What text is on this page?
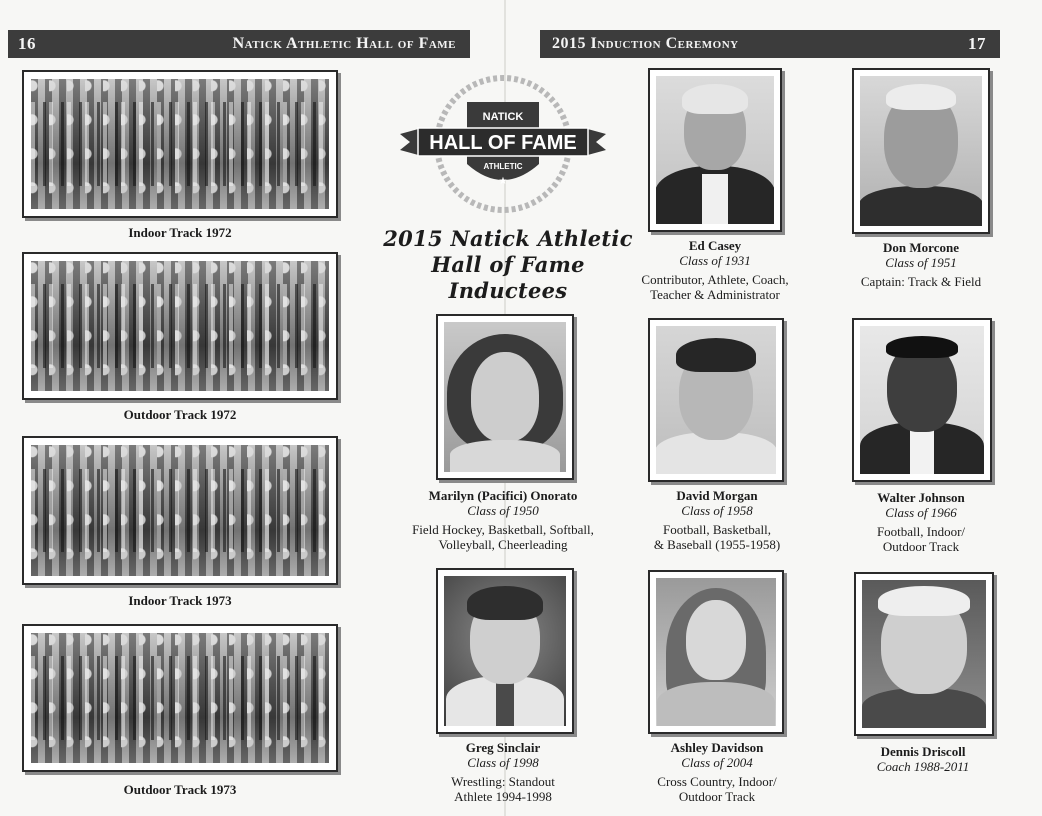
16	Natick Athletic Hall of Fame	2015 Induction Ceremony	17
Indoor Track 1972
Outdoor Track 1972
Indoor Track 1973
Outdoor Track 1973
NATICK
HALL OF FAME
ATHLETIC
★
2015 Natick Athletic
Hall of Fame Inductees
Ed Casey
Class of 1931
Contributor, Athlete, Coach,
Teacher & Administrator
Don Morcone
Class of 1951
Captain: Track & Field
Marilyn (Pacifici) Onorato
Class of 1950
Field Hockey, Basketball, Softball,
Volleyball, Cheerleading
David Morgan
Class of 1958
Football, Basketball,
& Baseball (1955-1958)
Walter Johnson
Class of 1966
Football, Indoor/
Outdoor Track
Greg Sinclair
Class of 1998
Wrestling: Standout
Athlete 1994-1998
Ashley Davidson
Class of 2004
Cross Country, Indoor/
Outdoor Track
Dennis Driscoll
Coach 1988-2011
